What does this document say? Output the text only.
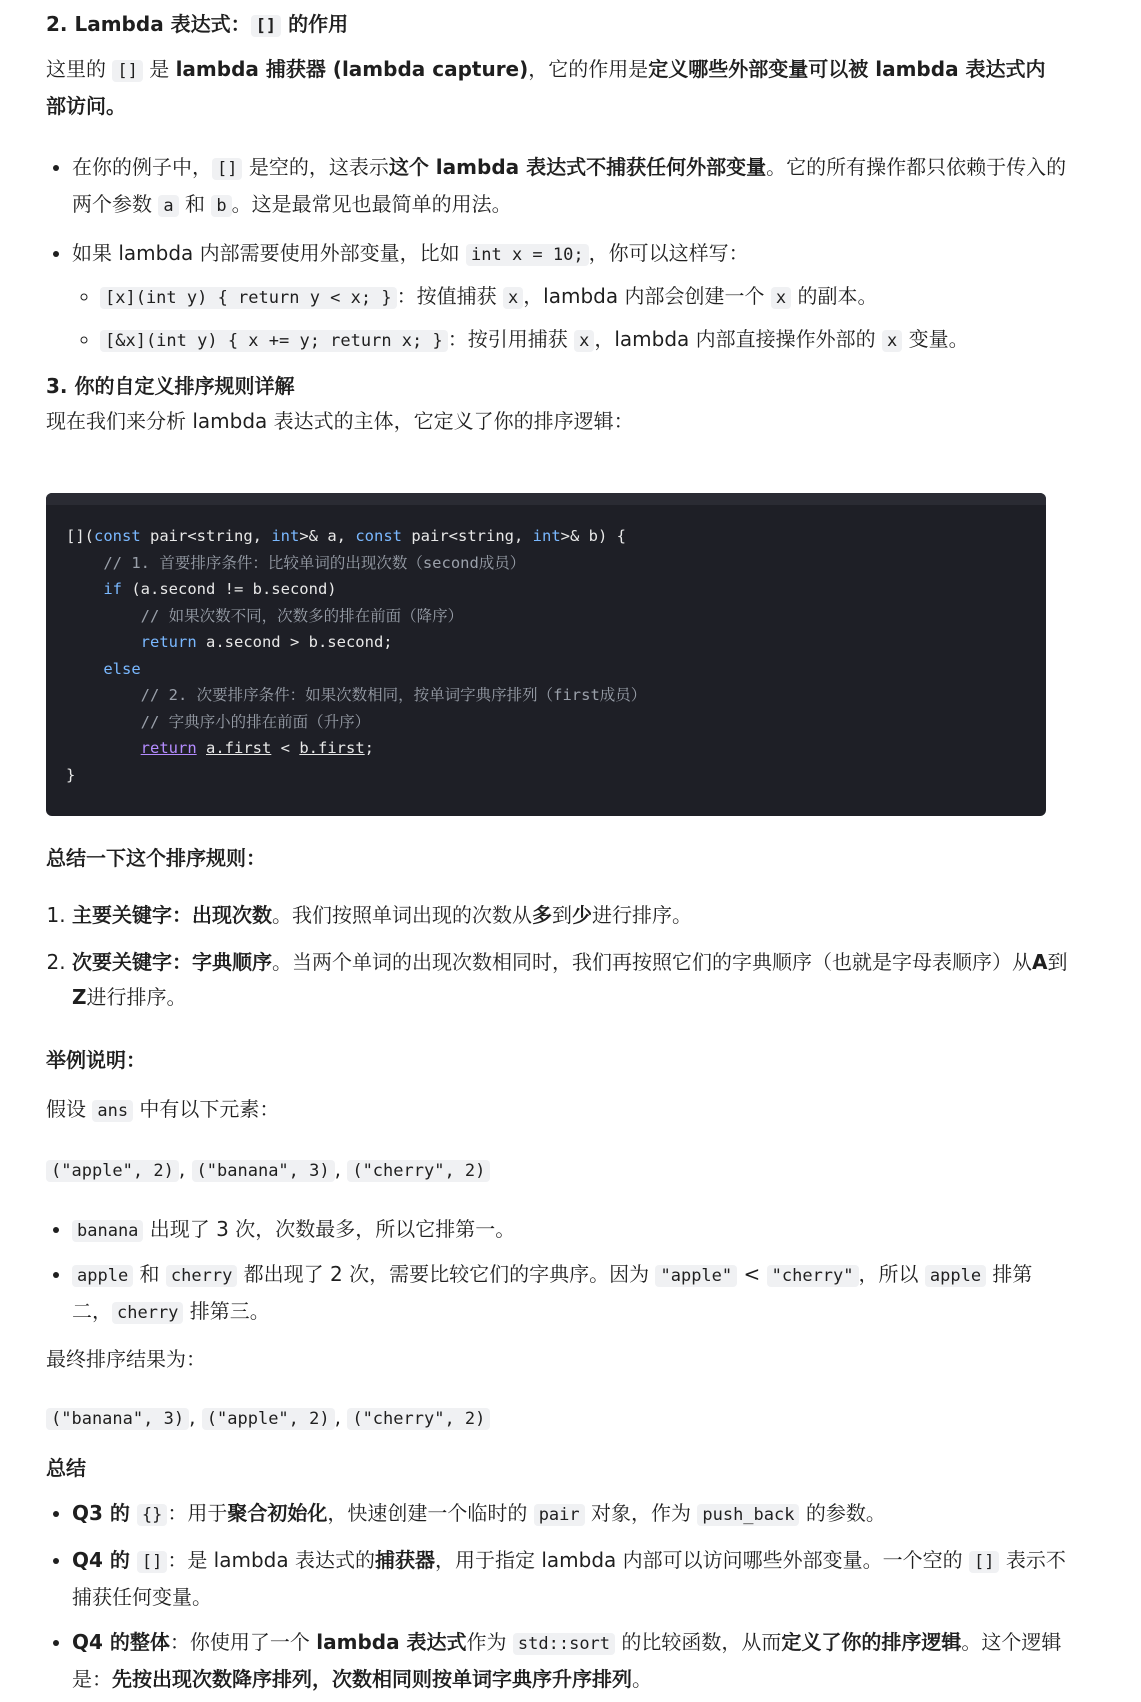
2. Lambda 表达式： [] 的作用

这里的 [] 是 lambda 捕获器 (lambda capture)，它的作用是定义哪些外部变量可以被 lambda 表达式内部访问。

• 在你的例子中， [] 是空的，这表示这个 lambda 表达式不捕获任何外部变量。它的所有操作都只依赖于传入的两个参数 a 和 b 。这是最常见也最简单的用法。
• 如果 lambda 内部需要使用外部变量，比如 int x = 10; ，你可以这样写：
◦ [x](int y) { return y < x; } ：按值捕获 x ，lambda 内部会创建一个 x 的副本。
◦ [&x](int y) { x += y; return x; } ：按引用捕获 x ，lambda 内部直接操作外部的 x 变量。
3. 你的自定义排序规则详解

现在我们来分析 lambda 表达式的主体，它定义了你的排序逻辑：

[](const pair<string, int>& a, const pair<string, int>& b) {
// 1. 首要排序条件：比较单词的出现次数（second成员）
if (a.second != b.second)
// 如果次数不同，次数多的排在前面（降序）
return a.second > b.second;
else
// 2. 次要排序条件：如果次数相同，按单词字典序排列（first成员）
// 字典序小的排在前面（升序）
return a.first < b.first;
}
总结一下这个排序规则：
1. 主要关键字：出现次数。我们按照单词出现的次数从多到少进行排序。
2. 次要关键字：字典顺序。当两个单词的出现次数相同时，我们再按照它们的字典顺序（也就是字母表顺序）从A到Z进行排序。
举例说明：

假设 ans 中有以下元素：

("apple", 2) , ("banana", 3) , ("cherry", 2)

• banana 出现了 3 次，次数最多，所以它排第一。
• apple 和 cherry 都出现了 2 次，需要比较它们的字典序。因为 "apple" < "cherry" ，所以 apple 排第二， cherry 排第三。

最终排序结果为：

("banana", 3) , ("apple", 2) , ("cherry", 2)

总结
• Q3 的 {} ：用于聚合初始化，快速创建一个临时的 pair 对象，作为 push_back 的参数。
• Q4 的 [] ：是 lambda 表达式的捕获器，用于指定 lambda 内部可以访问哪些外部变量。一个空的 [] 表示不捕获任何变量。
• Q4 的整体：你使用了一个 lambda 表达式作为 std::sort 的比较函数，从而定义了你的排序逻辑。这个逻辑是：先按出现次数降序排列，次数相同则按单词字典序升序排列。
